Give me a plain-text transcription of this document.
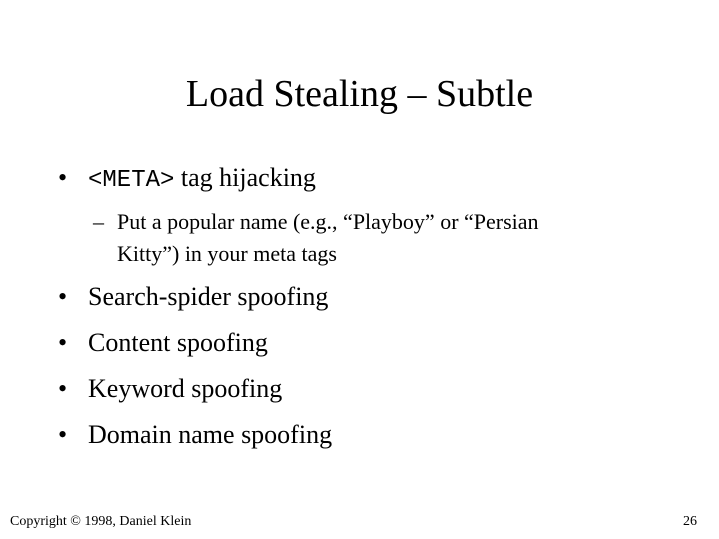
Load Stealing – Subtle
• <META> tag hijacking
– Put a popular name (e.g., “Playboy” or “Persian
Kitty”) in your meta tags
• Search-spider spoofing
• Content spoofing
• Keyword spoofing
• Domain name spoofing
Copyright © 1998, Daniel Klein	26
